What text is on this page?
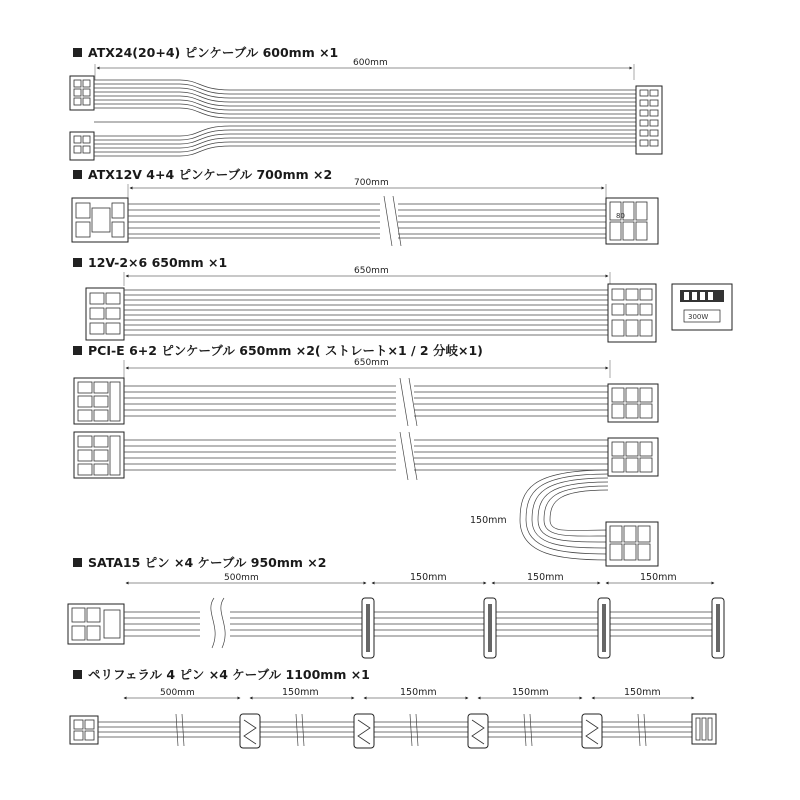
ATX24(20+4) ピンケーブル 600mm ×1
600mm
ATX12V 4+4 ピンケーブル 700mm ×2
700mm
80
12V-2×6 650mm ×1
650mm
300W
PCI-E 6+2 ピンケーブル 650mm ×2( ストレート×1 / 2 分岐×1)
650mm
150mm
SATA15 ピン ×4 ケーブル 950mm ×2
500mm	150mm	150mm	150mm
ペリフェラル 4 ピン ×4 ケーブル 1100mm ×1
500mm	150mm	150mm	150mm	150mm
